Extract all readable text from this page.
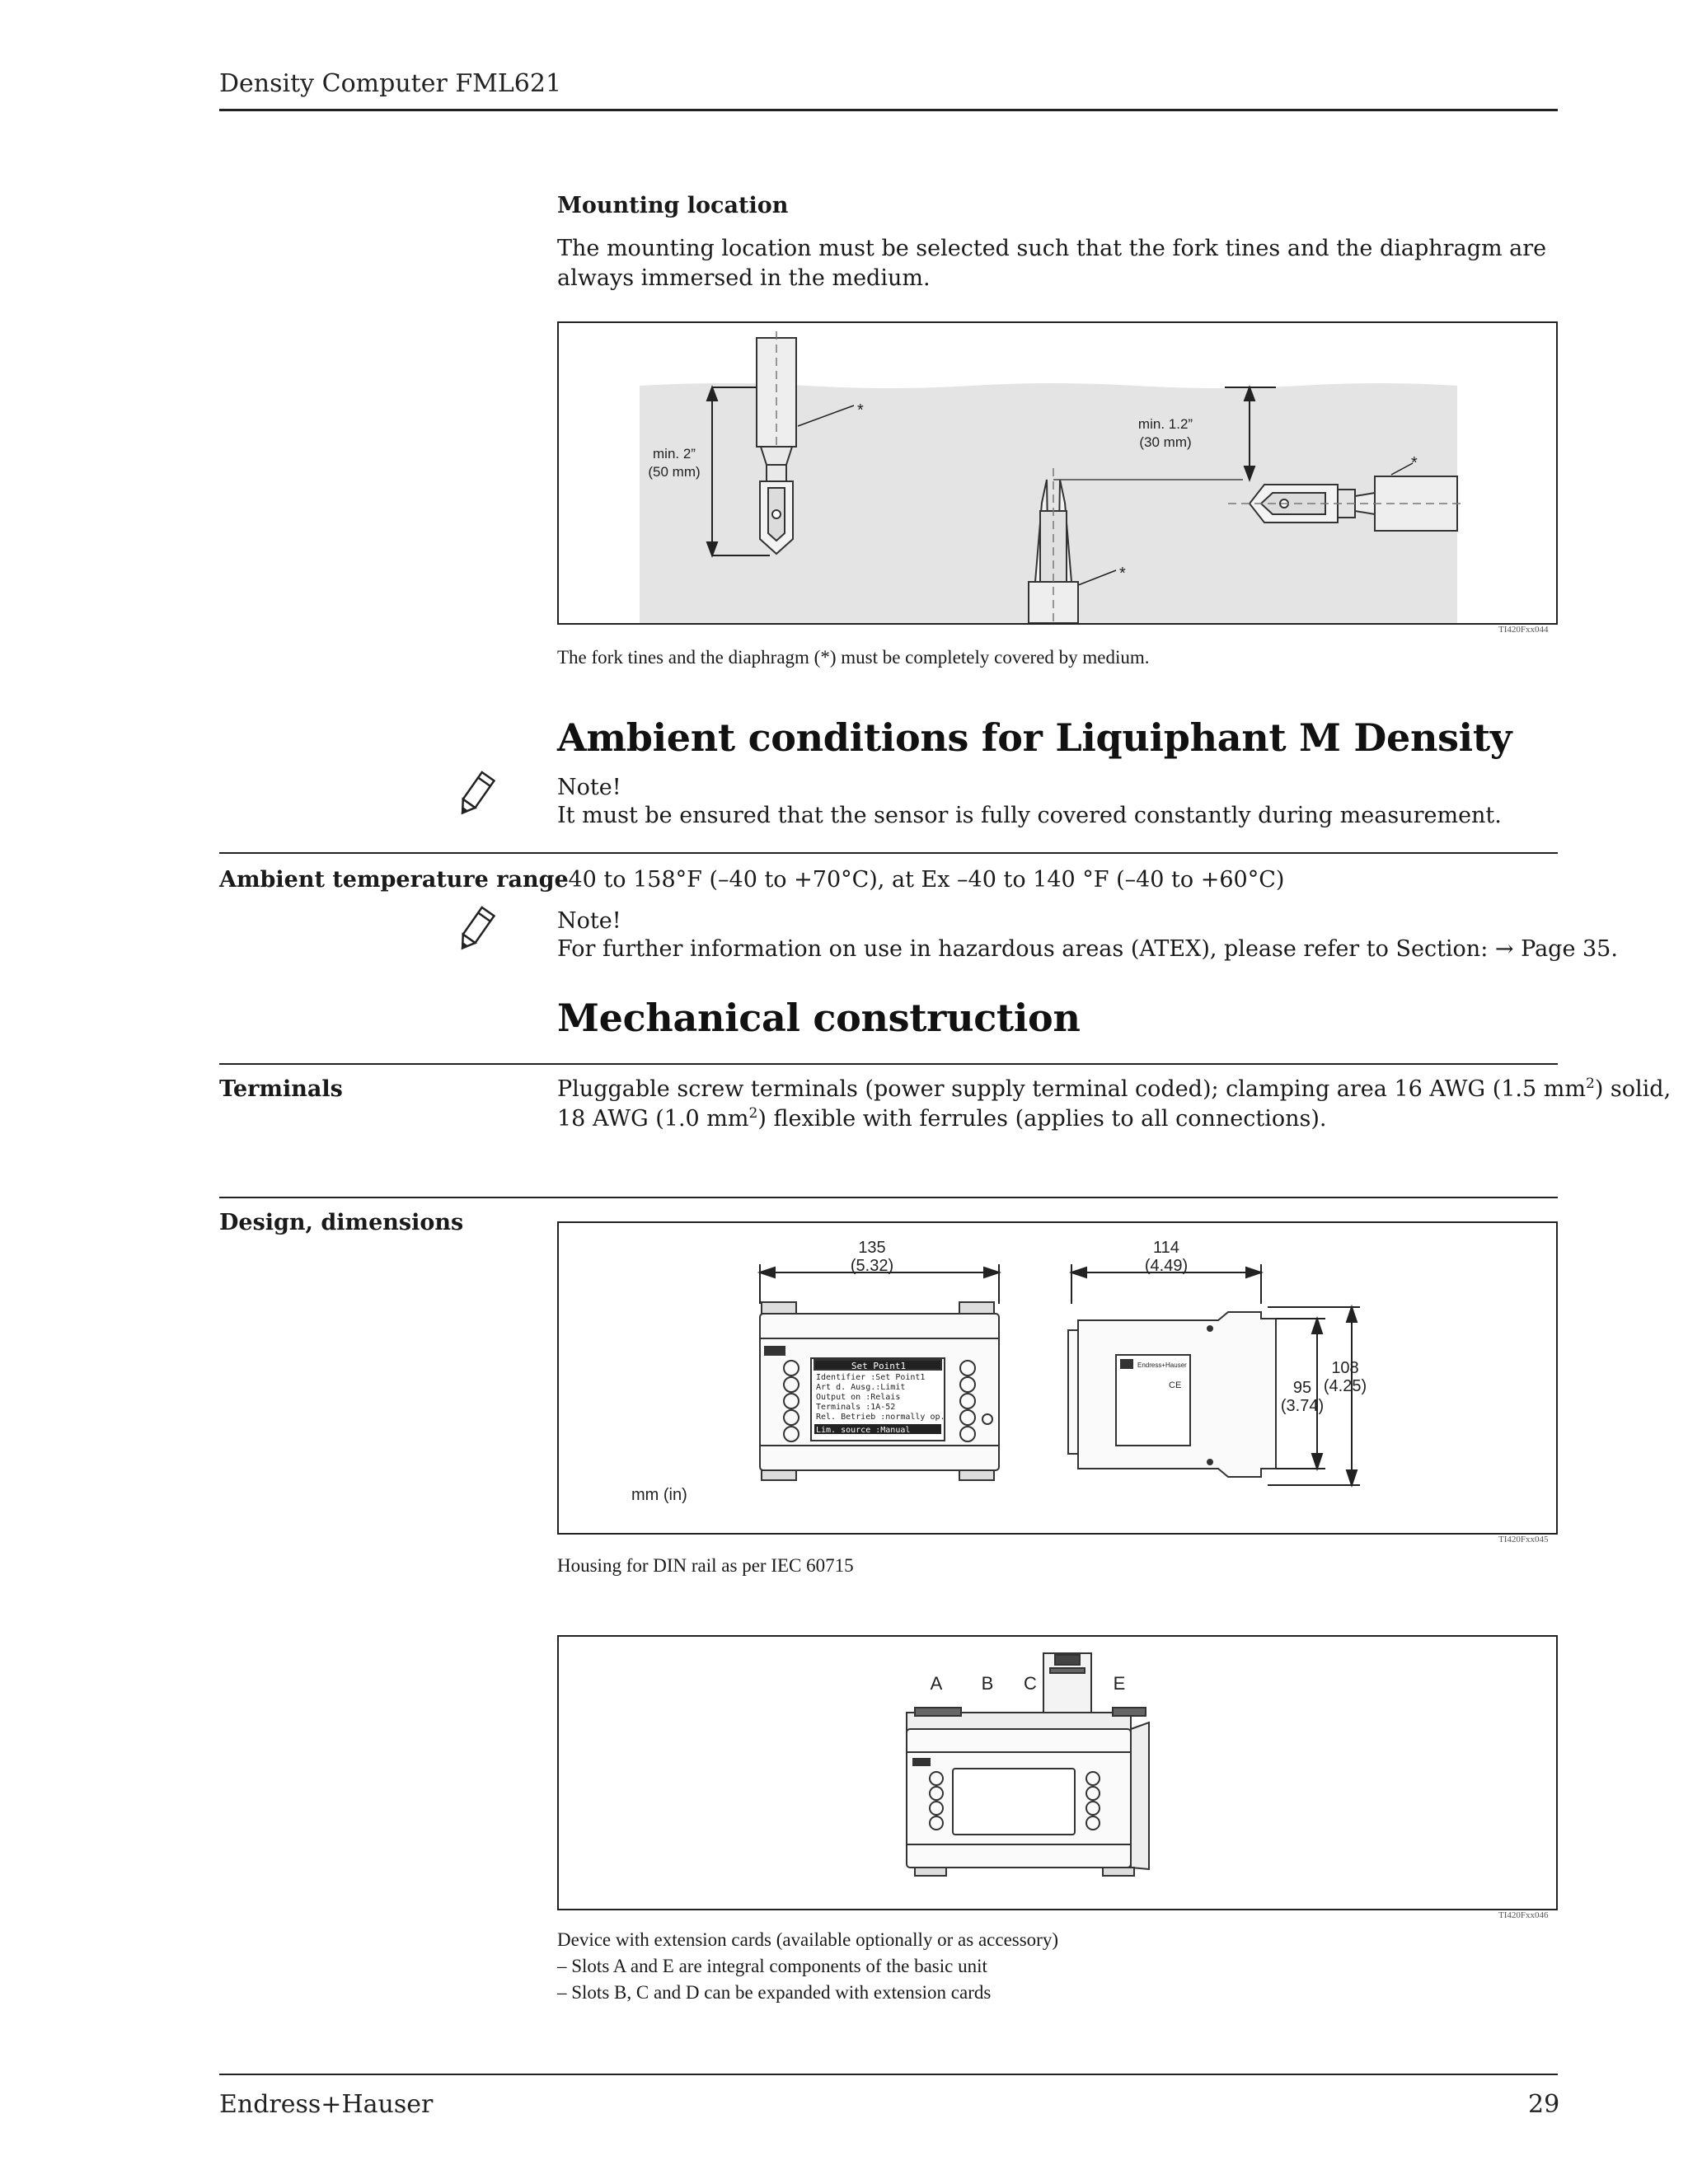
Density Computer FML621
Mounting location
The mounting location must be selected such that the fork tines and the diaphragm are always immersed in the medium.
min. 2”
(50 mm)
*
*
min. 1.2”
(30 mm)
*
TI420Fxx044
The fork tines and the diaphragm (*) must be completely covered by medium.
Ambient conditions for Liquiphant M Density
Note!
It must be ensured that the sensor is fully covered constantly during measurement.
Ambient temperature range
–40 to 158°F (–40 to +70°C), at Ex –40 to 140 °F (–40 to +60°C)
Note!
For further information on use in hazardous areas (ATEX), please refer to Section: → Page 35.
Mechanical construction
Terminals	Pluggable screw terminals (power supply terminal coded); clamping area 16 AWG (1.5 $mm^2$) solid,
18 AWG (1.0 $mm^2$) flexible with ferrules (applies to all connections).
Design, dimensions
135
(5.32)
Set Point1
Identifier :Set Point1
Art d. Ausg.:Limit
Output on :Relais
Terminals :1A-52
Rel. Betrieb :normally op.
Lim. source :Manual
mm (in)
114
(4.49)
Endress+Hauser
CE	95
(3.74)
108
(4.25)
TI420Fxx045
Housing for DIN rail as per IEC 60715
A B C	E
TI420Fxx046
Device with extension cards (available optionally or as accessory)
– Slots A and E are integral components of the basic unit
– Slots B, C and D can be expanded with extension cards
Endress+Hauser	29
